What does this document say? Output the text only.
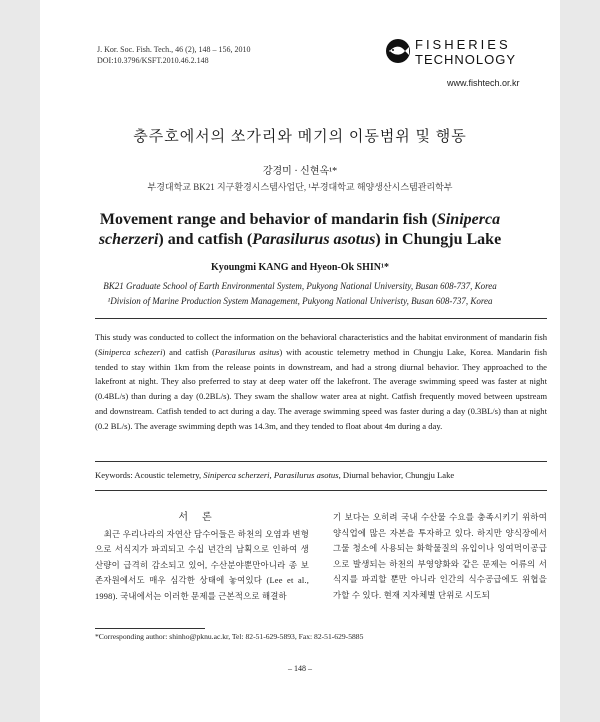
J. Kor. Soc. Fish. Tech., 46 (2), 148 – 156, 2010
DOI:10.3796/KSFT.2010.46.2.148
FISHERIES
TECHNOLOGY
www.fishtech.or.kr
충주호에서의 쏘가리와 메기의 이동범위 및 행동
강경미 · 신현옥¹*
부경대학교 BK21 지구환경시스템사업단, ¹부경대학교 해양생산시스템관리학부
Movement range and behavior of mandarin fish (Siniperca
scherzeri) and catfish (Parasilurus asotus) in Chungju Lake
Kyoungmi KANG and Hyeon-Ok SHIN¹*
BK21 Graduate School of Earth Environmental System, Pukyong National University, Busan 608-737, Korea
¹Division of Marine Production System Management, Pukyong National Univeristy, Busan 608-737, Korea

This study was conducted to collect the information on the behavioral characteristics and the habitat environment of mandarin fish (Siniperca schezeri) and catfish (Parasilurus asitus) with acoustic telemetry method in Chungju Lake, Korea. Mandarin fish tended to stay within 1km from the release points in downstream, and had a strong diurnal behavior. They approached to the lakefront at night. They also preferred to stay at deep water off the lakefront. The average swimming speed was faster at night (0.4BL/s) than during a day (0.2BL/s). They swam the shallow water area at night. Catfish frequently moved between upstream and downstream. Catfish tended to act during a day. The average swimming speed was faster during a day (0.3BL/s) than at night (0.2 BL/s). The average swimming depth was 14.3m, and they tended to float about 4m during a day.

Keywords: Acoustic telemetry, Siniperca scherzeri, Parasilurus asotus, Diurnal behavior, Chungju Lake

서론
　최근 우리나라의 자연산 담수어들은 하천의 오염과 변형으로 서식지가 파괴되고 수십 년간의 남획으로 인하여 생산량이 급격히 감소되고 있어, 수산분야뿐만아니라 종 보존자원에서도 매우 심각한 상태에 놓여있다 (Lee et al., 1998). 국내에서는 이러한 문제를 근본적으로 해결하
기 보다는 오히려 국내 수산물 수요를 충족시키기 위하여 양식업에 많은 자본을 투자하고 있다. 하지만 양식장에서 그물 청소에 사용되는 화학물질의 유입이나 잉여먹이공급으로 발생되는 하천의 부영양화와 같은 문제는 어류의 서식지를 파괴할 뿐만 아니라 인간의 식수공급에도 위협을 가할 수 있다. 현재 지자체별 단위로 시도되
*Corresponding author: shinho@pknu.ac.kr, Tel: 82-51-629-5893, Fax: 82-51-629-5885
– 148 –
